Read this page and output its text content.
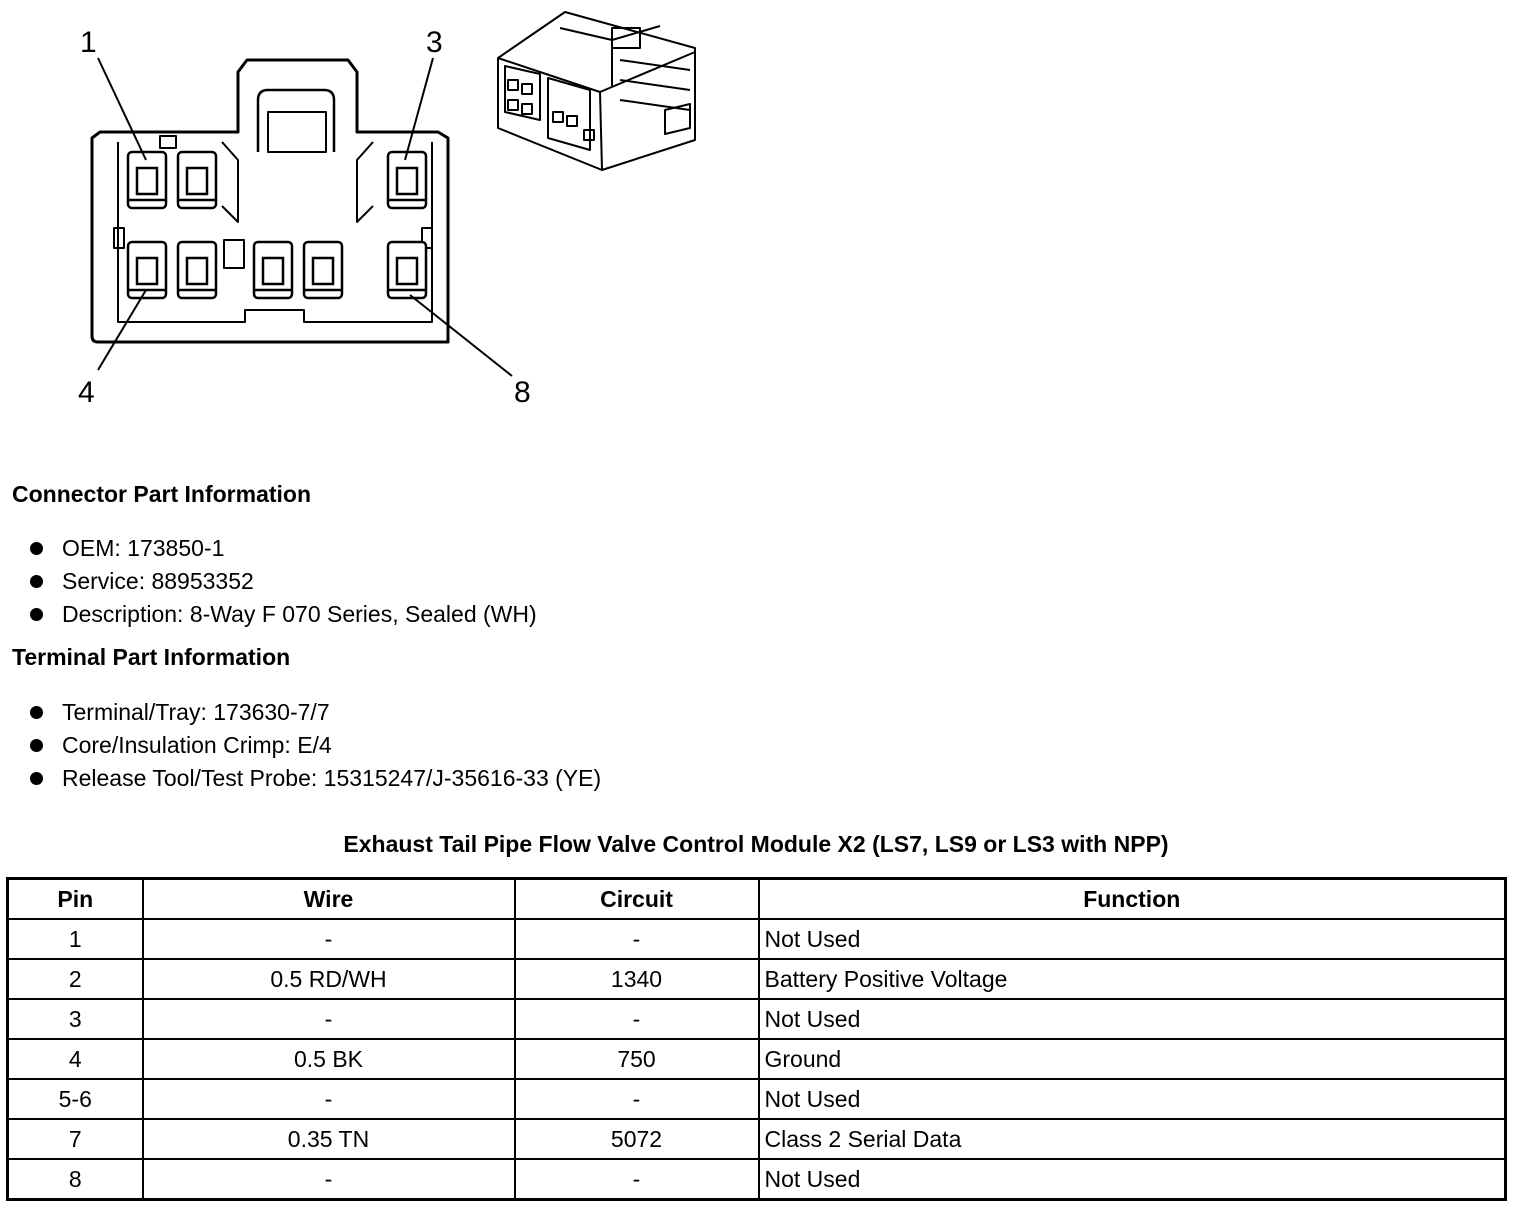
1	3
4	8
Connector Part Information
OEM: 173850-1
Service: 88953352
Description: 8-Way F 070 Series, Sealed (WH)
Terminal Part Information
Terminal/Tray: 173630-7/7
Core/Insulation Crimp: E/4
Release Tool/Test Probe: 15315247/J-35616-33 (YE)
Exhaust Tail Pipe Flow Valve Control Module X2 (LS7, LS9 or LS3 with NPP)
Pin	Wire	Circuit	Function
1	-	-	Not Used
2	0.5 RD/WH	1340	Battery Positive Voltage
3	-	-	Not Used
4	0.5 BK	750	Ground
5-6	-	-	Not Used
7	0.35 TN	5072	Class 2 Serial Data
8	-	-	Not Used
